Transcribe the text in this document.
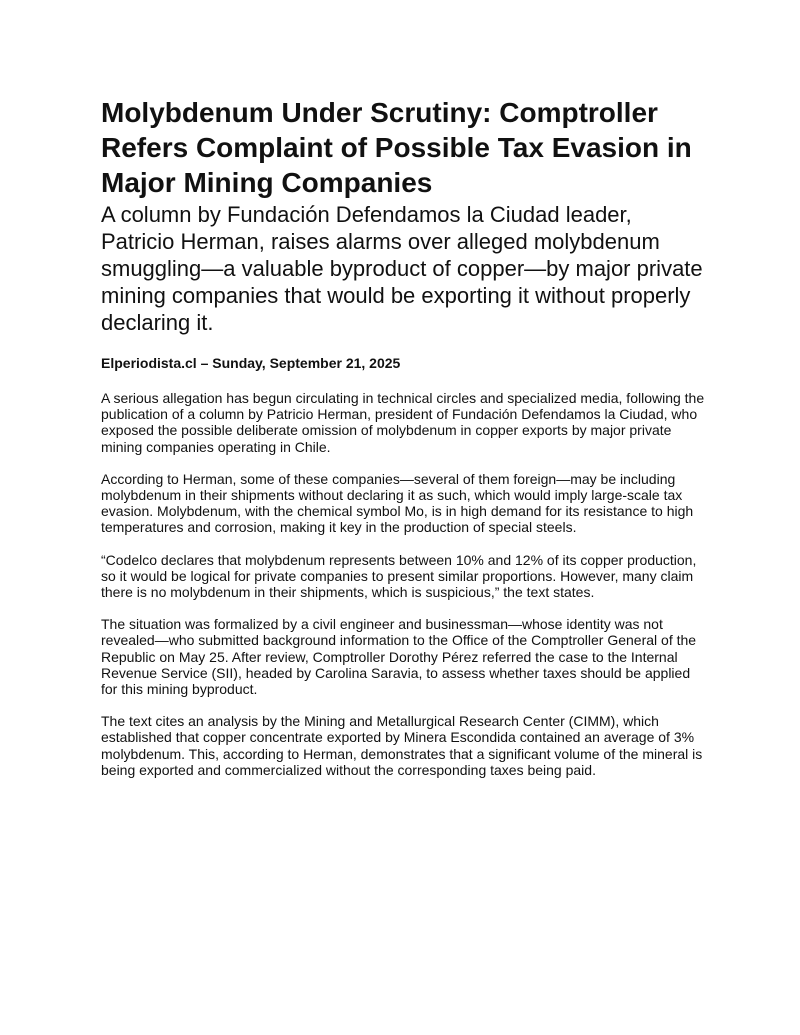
Molybdenum Under Scrutiny: Comptroller Refers Complaint of Possible Tax Evasion in Major Mining Companies
A column by Fundación Defendamos la Ciudad leader, Patricio Herman, raises alarms over alleged molybdenum smuggling—a valuable byproduct of copper—by major private mining companies that would be exporting it without properly declaring it.
Elperiodista.cl – Sunday, September 21, 2025

A serious allegation has begun circulating in technical circles and specialized media, following the publication of a column by Patricio Herman, president of Fundación Defendamos la Ciudad, who exposed the possible deliberate omission of molybdenum in copper exports by major private mining companies operating in Chile.

According to Herman, some of these companies—several of them foreign—may be including molybdenum in their shipments without declaring it as such, which would imply large-scale tax evasion. Molybdenum, with the chemical symbol Mo, is in high demand for its resistance to high temperatures and corrosion, making it key in the production of special steels.

“Codelco declares that molybdenum represents between 10% and 12% of its copper production, so it would be logical for private companies to present similar proportions. However, many claim there is no molybdenum in their shipments, which is suspicious,” the text states.

The situation was formalized by a civil engineer and businessman—whose identity was not revealed—who submitted background information to the Office of the Comptroller General of the Republic on May 25. After review, Comptroller Dorothy Pérez referred the case to the Internal Revenue Service (SII), headed by Carolina Saravia, to assess whether taxes should be applied for this mining byproduct.

The text cites an analysis by the Mining and Metallurgical Research Center (CIMM), which established that copper concentrate exported by Minera Escondida contained an average of 3% molybdenum. This, according to Herman, demonstrates that a significant volume of the mineral is being exported and commercialized without the corresponding taxes being paid.
